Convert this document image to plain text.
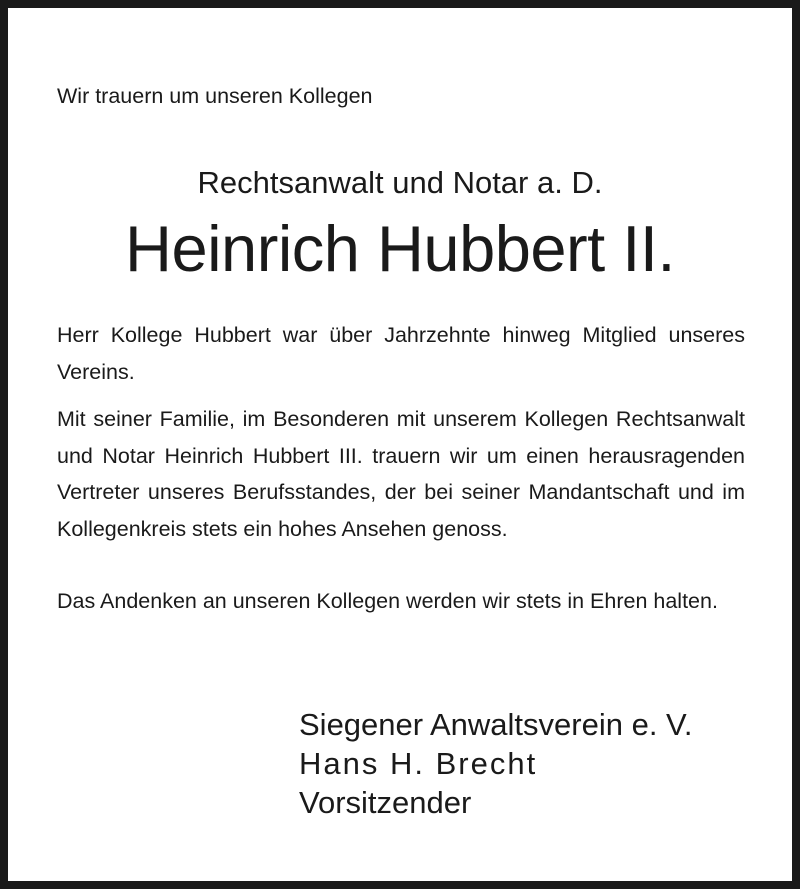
Wir trauern um unseren Kollegen
Rechtsanwalt und Notar a. D.
Heinrich Hubbert II.

Herr Kollege Hubbert war über Jahrzehnte hinweg Mitglied unseres Vereins.

Mit seiner Familie, im Besonderen mit unserem Kollegen Rechtsanwalt und Notar Heinrich Hubbert III. trauern wir um einen herausragenden Vertreter unseres Berufsstandes, der bei seiner Mandantschaft und im Kollegenkreis stets ein hohes Ansehen genoss.

Das Andenken an unseren Kollegen werden wir stets in Ehren halten.

Siegener Anwaltsverein e. V.
Hans H. Brecht
Vorsitzender
